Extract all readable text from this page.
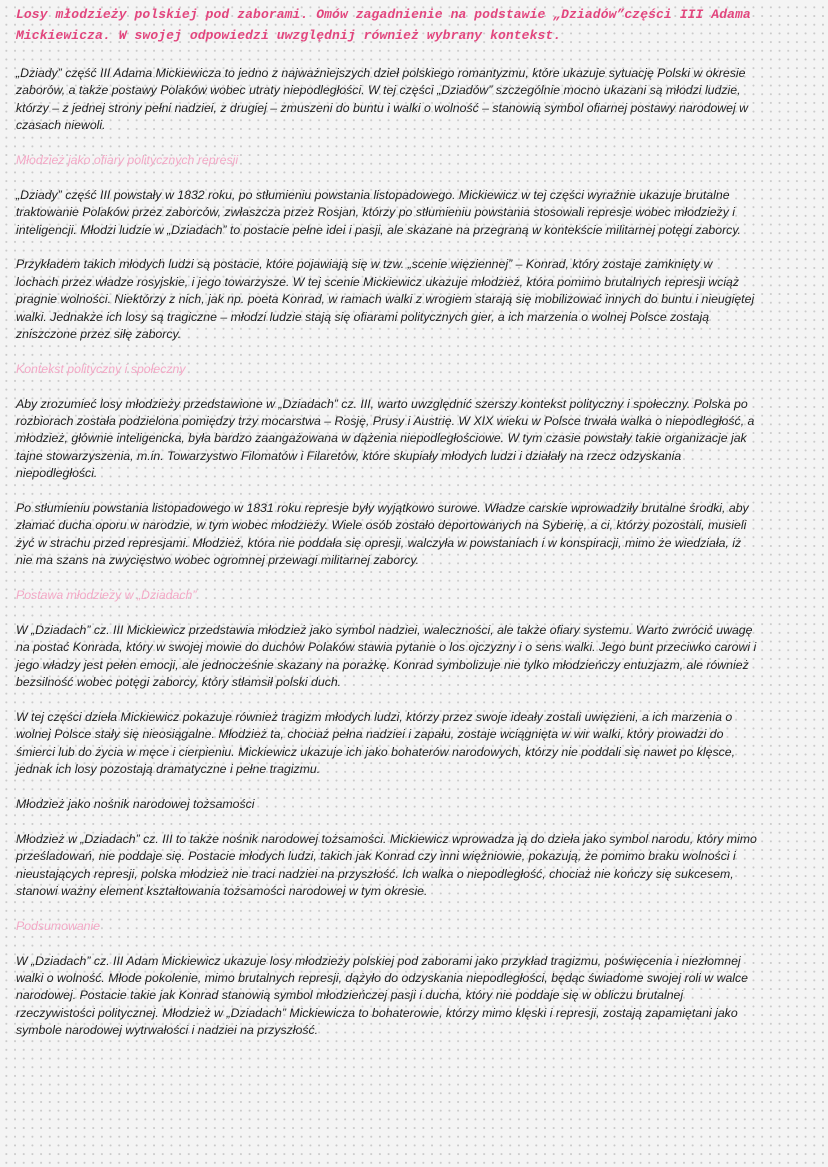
Losy młodzieży polskiej pod zaborami. Omów zagadnienie na podstawie „Dziadów”części III Adama Mickiewicza. W swojej odpowiedzi uwzględnij również wybrany kontekst.

„Dziady” część III Adama Mickiewicza to jedno z najważniejszych dzieł polskiego romantyzmu, które ukazuje sytuację Polski w okresie zaborów, a także postawy Polaków wobec utraty niepodległości. W tej części „Dziadów” szczególnie mocno ukazani są młodzi ludzie, którzy – z jednej strony pełni nadziei, z drugiej – zmuszeni do buntu i walki o wolność – stanowią symbol ofiarnej postawy narodowej w czasach niewoli.

Młodzież jako ofiary politycznych represji

„Dziady” część III powstały w 1832 roku, po stłumieniu powstania listopadowego. Mickiewicz w tej części wyraźnie ukazuje brutalne traktowanie Polaków przez zaborców, zwłaszcza przez Rosjan, którzy po stłumieniu powstania stosowali represje wobec młodzieży i inteligencji. Młodzi ludzie w „Dziadach” to postacie pełne idei i pasji, ale skazane na przegraną w kontekście militarnej potęgi zaborcy.

Przykładem takich młodych ludzi są postacie, które pojawiają się w tzw. „scenie więziennej” – Konrad, który zostaje zamknięty w lochach przez władze rosyjskie, i jego towarzysze. W tej scenie Mickiewicz ukazuje młodzież, która pomimo brutalnych represji wciąż pragnie wolności. Niektórzy z nich, jak np. poeta Konrad, w ramach walki z wrogiem starają się mobilizować innych do buntu i nieugiętej walki. Jednakże ich losy są tragiczne – młodzi ludzie stają się ofiarami politycznych gier, a ich marzenia o wolnej Polsce zostają zniszczone przez siłę zaborcy.

Kontekst polityczny i społeczny

Aby zrozumieć losy młodzieży przedstawione w „Dziadach” cz. III, warto uwzględnić szerszy kontekst polityczny i społeczny. Polska po rozbiorach została podzielona pomiędzy trzy mocarstwa – Rosję, Prusy i Austrię. W XIX wieku w Polsce trwała walka o niepodległość, a młodzież, głównie inteligencka, była bardzo zaangażowana w dążenia niepodległościowe. W tym czasie powstały takie organizacje jak tajne stowarzyszenia, m.in. Towarzystwo Filomatów i Filaretów, które skupiały młodych ludzi i działały na rzecz odzyskania niepodległości.

Po stłumieniu powstania listopadowego w 1831 roku represje były wyjątkowo surowe. Władze carskie wprowadziły brutalne środki, aby złamać ducha oporu w narodzie, w tym wobec młodzieży. Wiele osób zostało deportowanych na Syberię, a ci, którzy pozostali, musieli żyć w strachu przed represjami. Młodzież, która nie poddała się opresji, walczyła w powstaniach i w konspiracji, mimo że wiedziała, iż nie ma szans na zwycięstwo wobec ogromnej przewagi militarnej zaborcy.

Postawa młodzieży w „Dziadach”

W „Dziadach” cz. III Mickiewicz przedstawia młodzież jako symbol nadziei, waleczności, ale także ofiary systemu. Warto zwrócić uwagę na postać Konrada, który w swojej mowie do duchów Polaków stawia pytanie o los ojczyzny i o sens walki. Jego bunt przeciwko carowi i jego władzy jest pełen emocji, ale jednocześnie skazany na porażkę. Konrad symbolizuje nie tylko młodzieńczy entuzjazm, ale również bezsilność wobec potęgi zaborcy, który stłamsił polski duch.

W tej części dzieła Mickiewicz pokazuje również tragizm młodych ludzi, którzy przez swoje ideały zostali uwięzieni, a ich marzenia o wolnej Polsce stały się nieosiągalne. Młodzież ta, chociaż pełna nadziei i zapału, zostaje wciągnięta w wir walki, który prowadzi do śmierci lub do życia w męce i cierpieniu. Mickiewicz ukazuje ich jako bohaterów narodowych, którzy nie poddali się nawet po klęsce, jednak ich losy pozostają dramatyczne i pełne tragizmu.

Młodzież jako nośnik narodowej tożsamości

Młodzież w „Dziadach” cz. III to także nośnik narodowej tożsamości. Mickiewicz wprowadza ją do dzieła jako symbol narodu, który mimo prześladowań, nie poddaje się. Postacie młodych ludzi, takich jak Konrad czy inni więźniowie, pokazują, że pomimo braku wolności i nieustających represji, polska młodzież nie traci nadziei na przyszłość. Ich walka o niepodległość, chociaż nie kończy się sukcesem, stanowi ważny element kształtowania tożsamości narodowej w tym okresie.

Podsumowanie

W „Dziadach” cz. III Adam Mickiewicz ukazuje losy młodzieży polskiej pod zaborami jako przykład tragizmu, poświęcenia i niezłomnej walki o wolność. Młode pokolenie, mimo brutalnych represji, dążyło do odzyskania niepodległości, będąc świadome swojej roli w walce narodowej. Postacie takie jak Konrad stanowią symbol młodzieńczej pasji i ducha, który nie poddaje się w obliczu brutalnej rzeczywistości politycznej. Młodzież w „Dziadach” Mickiewicza to bohaterowie, którzy mimo klęski i represji, zostają zapamiętani jako symbole narodowej wytrwałości i nadziei na przyszłość.
